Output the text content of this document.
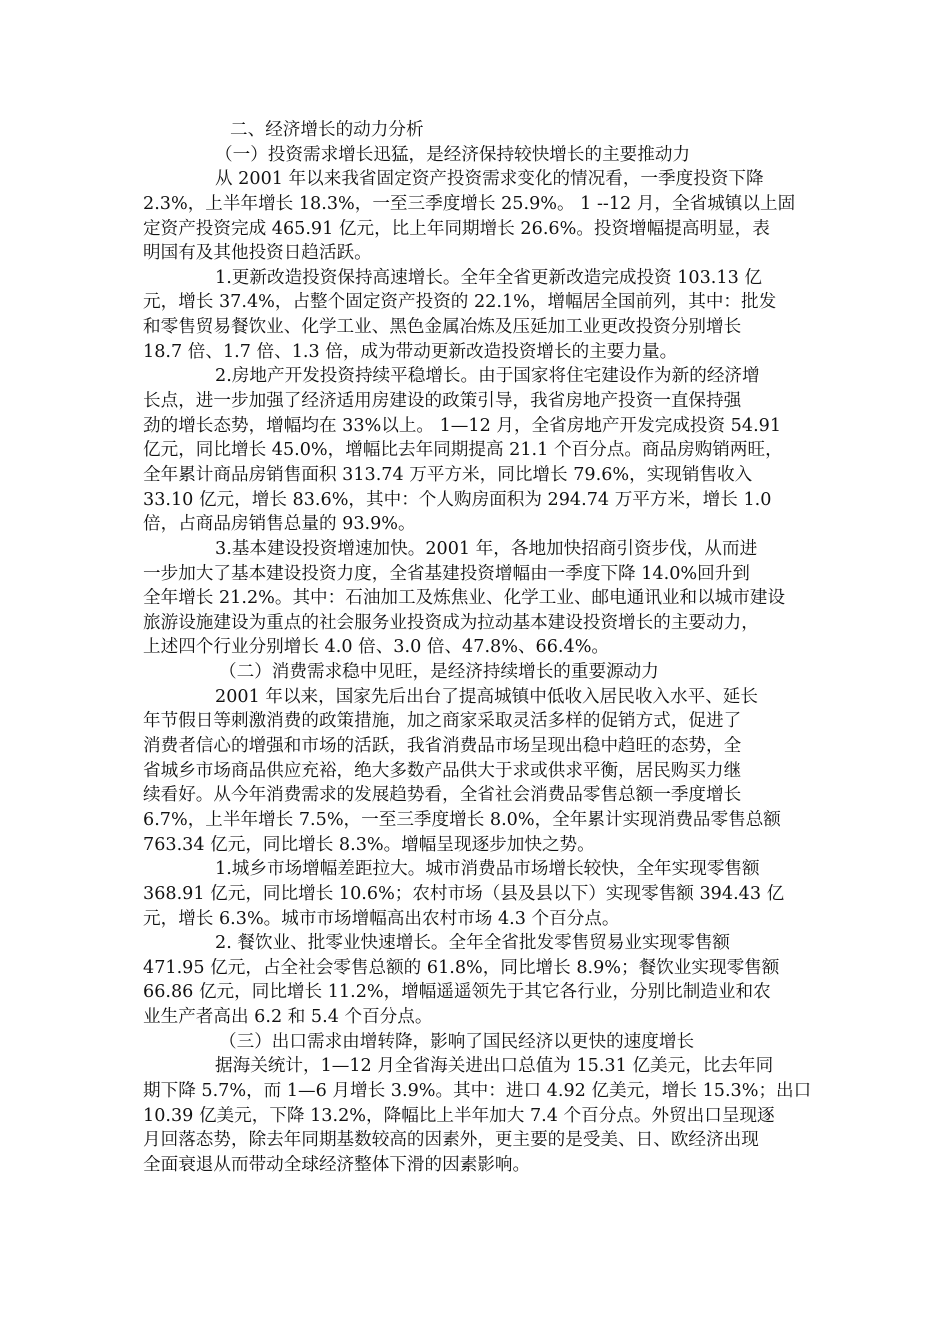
二、经济增长的动力分析
（一）投资需求增长迅猛，是经济保持较快增长的主要推动力
从 2001 年以来我省固定资产投资需求变化的情况看，一季度投资下降
2.3%，上半年增长 18.3%，一至三季度增长 25.9%。 1 --12 月，全省城镇以上固
定资产投资完成 465.91 亿元，比上年同期增长 26.6%。投资增幅提高明显，表
明国有及其他投资日趋活跃。
1.更新改造投资保持高速增长。全年全省更新改造完成投资 103.13 亿
元，增长 37.4%，占整个固定资产投资的 22.1%，增幅居全国前列，其中：批发
和零售贸易餐饮业、化学工业、黑色金属冶炼及压延加工业更改投资分别增长
18.7 倍、1.7 倍、1.3 倍，成为带动更新改造投资增长的主要力量。
2.房地产开发投资持续平稳增长。由于国家将住宅建设作为新的经济增
长点，进一步加强了经济适用房建设的政策引导，我省房地产投资一直保持强
劲的增长态势，增幅均在 33%以上。 1—12 月，全省房地产开发完成投资 54.91
亿元，同比增长 45.0%，增幅比去年同期提高 21.1 个百分点。商品房购销两旺，
全年累计商品房销售面积 313.74 万平方米，同比增长 79.6%，实现销售收入
33.10 亿元，增长 83.6%，其中：个人购房面积为 294.74 万平方米，增长 1.0
倍，占商品房销售总量的 93.9%。
3.基本建设投资增速加快。2001 年，各地加快招商引资步伐，从而进
一步加大了基本建设投资力度，全省基建投资增幅由一季度下降 14.0%回升到
全年增长 21.2%。其中：石油加工及炼焦业、化学工业、邮电通讯业和以城市建设
旅游设施建设为重点的社会服务业投资成为拉动基本建设投资增长的主要动力，
上述四个行业分别增长 4.0 倍、3.0 倍、47.8%、66.4%。
（二）消费需求稳中见旺，是经济持续增长的重要源动力
2001 年以来，国家先后出台了提高城镇中低收入居民收入水平、延长
年节假日等刺激消费的政策措施，加之商家采取灵活多样的促销方式，促进了
消费者信心的增强和市场的活跃，我省消费品市场呈现出稳中趋旺的态势，全
省城乡市场商品供应充裕，绝大多数产品供大于求或供求平衡，居民购买力继
续看好。从今年消费需求的发展趋势看，全省社会消费品零售总额一季度增长
6.7%，上半年增长 7.5%，一至三季度增长 8.0%，全年累计实现消费品零售总额
763.34 亿元，同比增长 8.3%。增幅呈现逐步加快之势。
1.城乡市场增幅差距拉大。城市消费品市场增长较快，全年实现零售额
368.91 亿元，同比增长 10.6%；农村市场（县及县以下）实现零售额 394.43 亿
元，增长 6.3%。城市市场增幅高出农村市场 4.3 个百分点。
2. 餐饮业、批零业快速增长。全年全省批发零售贸易业实现零售额
471.95 亿元，占全社会零售总额的 61.8%，同比增长 8.9%；餐饮业实现零售额
66.86 亿元，同比增长 11.2%，增幅遥遥领先于其它各行业，分别比制造业和农
业生产者高出 6.2 和 5.4 个百分点。
（三）出口需求由增转降，影响了国民经济以更快的速度增长
据海关统计，1—12 月全省海关进出口总值为 15.31 亿美元，比去年同
期下降 5.7%，而 1—6 月增长 3.9%。其中：进口 4.92 亿美元，增长 15.3%；出口
10.39 亿美元，下降 13.2%，降幅比上半年加大 7.4 个百分点。外贸出口呈现逐
月回落态势，除去年同期基数较高的因素外，更主要的是受美、日、欧经济出现
全面衰退从而带动全球经济整体下滑的因素影响。
